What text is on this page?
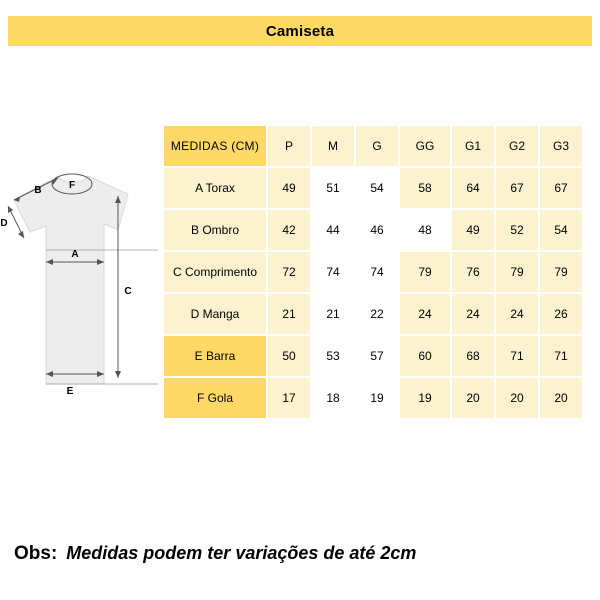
Camiseta
F
B
D
A
C
E
MEDIDAS (CM)	P	M	G	GG	G1	G2	G3
A Torax	49	51	54	58	64	67	67
B Ombro	42	44	46	48	49	52	54
C Comprimento	72	74	74	79	76	79	79
D Manga	21	21	22	24	24	24	26
E Barra	50	53	57	60	68	71	71
F Gola	17	18	19	19	20	20	20
Obs: Medidas podem ter variações de até 2cm
